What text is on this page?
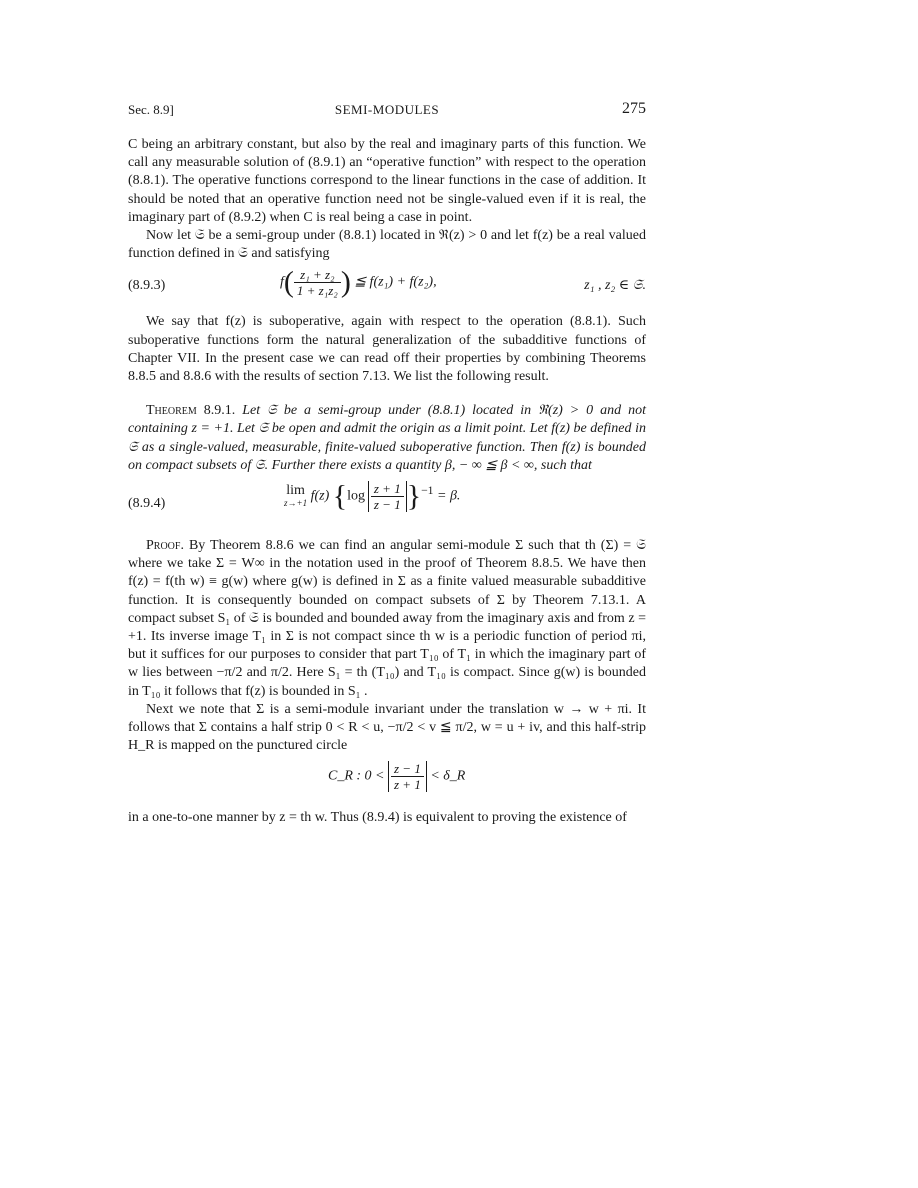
Sec. 8.9]	SEMI-MODULES	275

C being an arbitrary constant, but also by the real and imaginary parts of this function. We call any measurable solution of (8.9.1) an “operative function” with respect to the operation (8.8.1). The operative functions correspond to the linear functions in the case of addition. It should be noted that an operative function need not be single-valued even if it is real, the imaginary part of (8.9.2) when C is real being a case in point.

Now let 𝔖 be a semi-group under (8.8.1) located in ℜ(z) > 0 and let f(z) be a real valued function defined in 𝔖 and satisfying

(8.9.3)	$f( \frac{\text{z₁ + z₂}}{\text{1 + z₁z₂}}$ ) ≦ f(z₁) + f(z₂),	z₁ , z₂ ∈ 𝔖.

We say that f(z) is suboperative, again with respect to the operation (8.8.1). Such suboperative functions form the natural generalization of the subadditive functions of Chapter VII. In the present case we can read off their properties by combining Theorems 8.8.5 and 8.8.6 with the results of section 7.13. We list the following result.

Theorem 8.9.1. Let 𝔖 be a semi-group under (8.8.1) located in ℜ(z) > 0 and not containing z = +1. Let 𝔖 be open and admit the origin as a limit point. Let f(z) be defined in 𝔖 as a single-valued, measurable, finite-valued suboperative function. Then f(z) is bounded on compact subsets of 𝔖. Further there exists a quantity β, − ∞ ≦ β < ∞, such that

(8.9.4)
lim
z→+1 f(z) $\{\log \frac{z + 1}{z - 1} \}^{-1} = \beta$.

Proof. By Theorem 8.8.6 we can find an angular semi-module Σ such that th (Σ) = 𝔖 where we take Σ = W∞ in the notation used in the proof of Theorem 8.8.5. We have then f(z) = f(th w) ≡ g(w) where g(w) is defined in Σ as a finite valued measurable subadditive function. It is consequently bounded on compact subsets of Σ by Theorem 7.13.1. A compact subset S₁ of 𝔖 is bounded and bounded away from the imaginary axis and from z = +1. Its inverse image T₁ in Σ is not compact since th w is a periodic function of period πi, but it suffices for our purposes to consider that part T₁₀ of T₁ in which the imaginary part of w lies between −π/2 and π/2. Here S₁ = th (T₁₀) and T₁₀ is compact. Since g(w) is bounded in T₁₀ it follows that f(z) is bounded in S₁ .

Next we note that Σ is a semi-module invariant under the translation w → w + πi. It follows that Σ contains a half strip 0 < R < u, −π/2 < v ≦ π/2, w = u + iv, and this half-strip H_R is mapped on the punctured circle

C_R : $0 < \frac{z - 1}{z + 1}$ < δ_R

in a one-to-one manner by z = th w. Thus (8.9.4) is equivalent to proving the existence of
